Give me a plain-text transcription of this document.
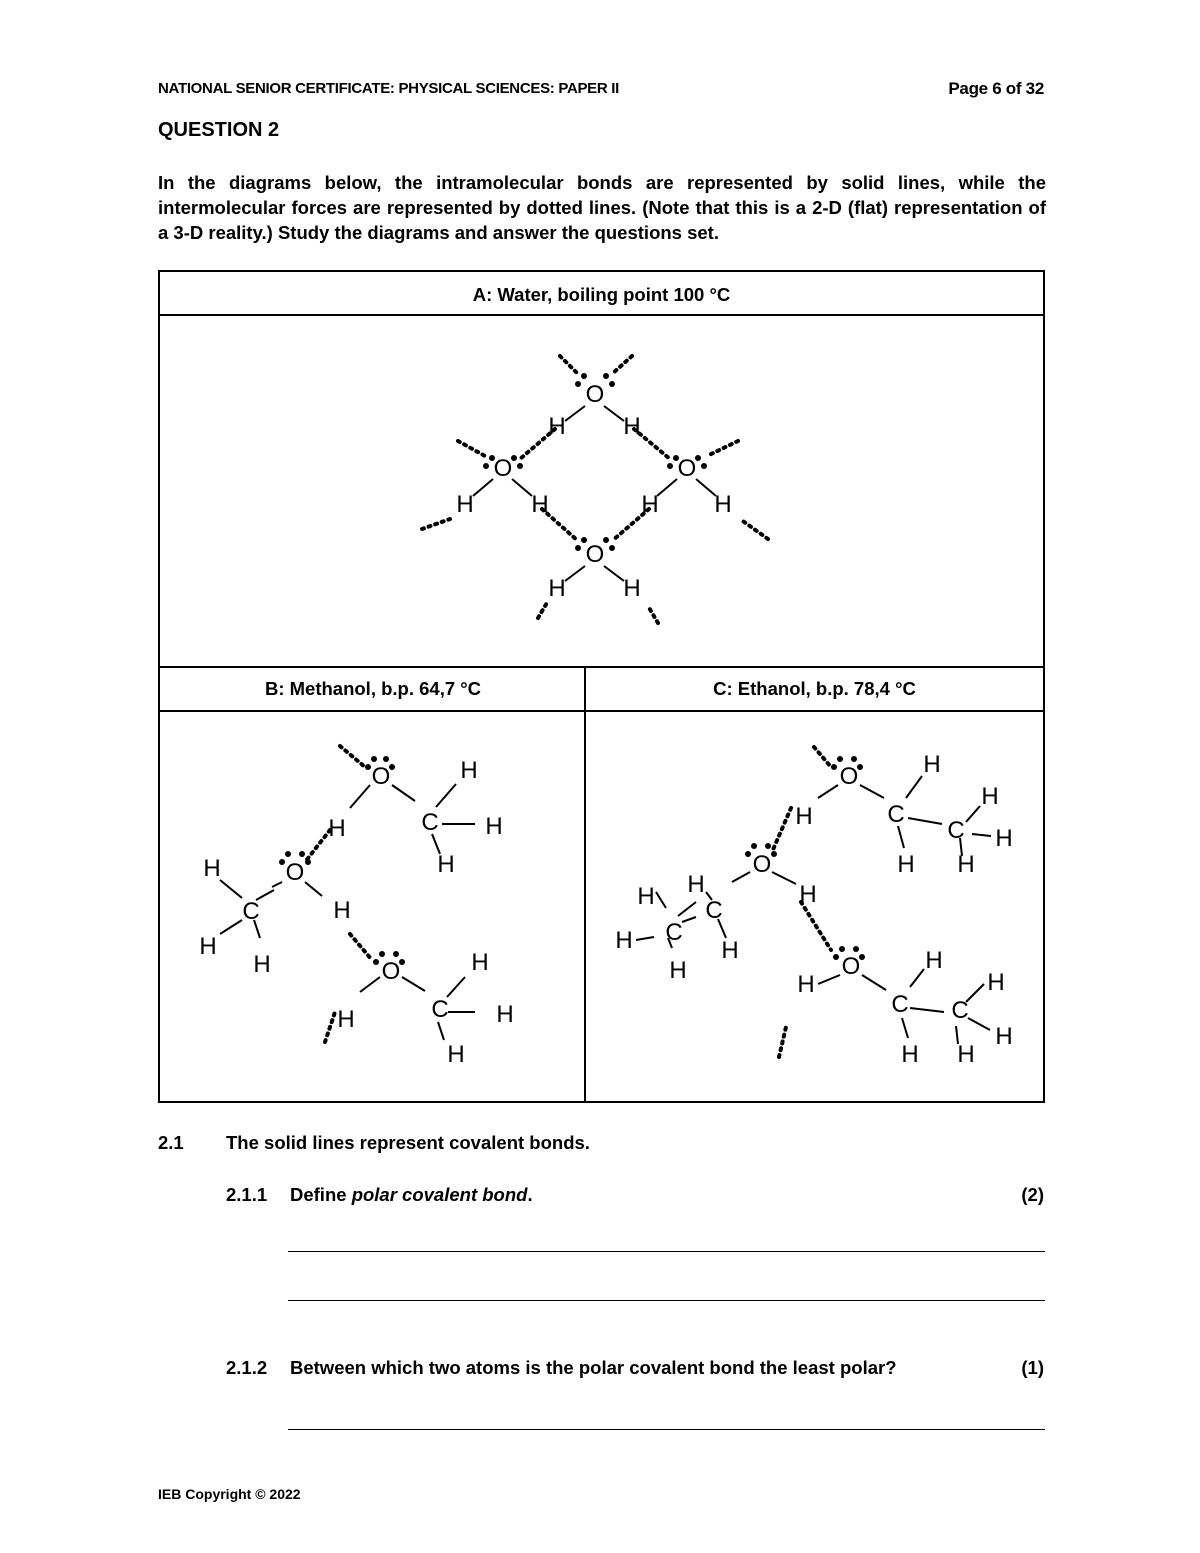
NATIONAL SENIOR CERTIFICATE: PHYSICAL SCIENCES: PAPER II	Page 6 of 32
QUESTION 2
In the diagrams below, the intramolecular bonds are represented by solid lines, while the intermolecular forces are represented by dotted lines. (Note that this is a 2-D (flat) representation of a 3-D reality.) Study the diagrams and answer the questions set.
A: Water, boiling point 100 °C
B: Methanol, b.p. 64,7 °C	C: Ethanol, b.p. 78,4 °C
O
O	O
O
H H
H H	H H
H H
O
C
H
H
H
H
O
H
C
H
H
H	O
C
H
H
H
H
O
C
C
H
H
H
H
H H
O
H
C
H
H
C
H
H
H	O
H
C
H
C
H
H
H H
2.1 The solid lines represent covalent bonds.
2.1.1 Define polar covalent bond.	(2)
2.1.2 Between which two atoms is the polar covalent bond the least polar?	(1)
IEB Copyright © 2022
